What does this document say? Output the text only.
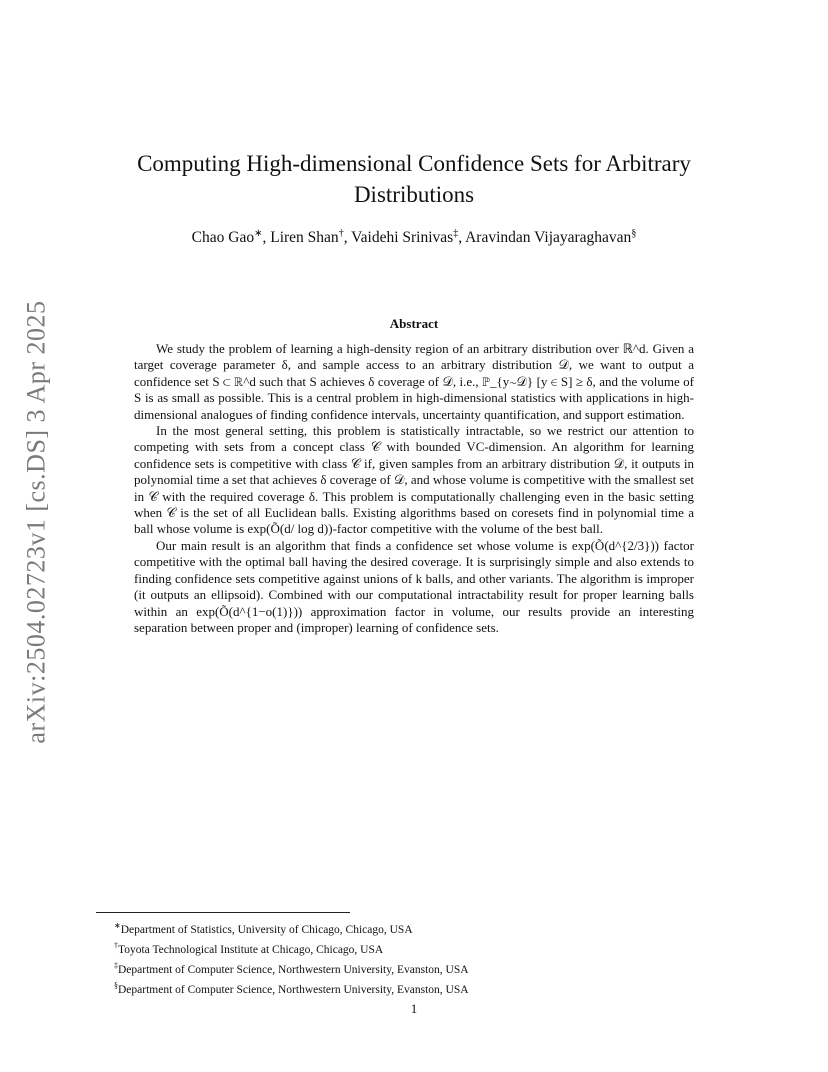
arXiv:2504.02723v1 [cs.DS] 3 Apr 2025
Computing High-dimensional Confidence Sets for Arbitrary Distributions
Chao Gao∗, Liren Shan†, Vaidehi Srinivas‡, Aravindan Vijayaraghavan§
Abstract

We study the problem of learning a high-density region of an arbitrary distribution over ℝ^d. Given a target coverage parameter δ, and sample access to an arbitrary distribution 𝒟, we want to output a confidence set S ⊂ ℝ^d such that S achieves δ coverage of 𝒟, i.e., ℙ_{y∼𝒟} [y ∈ S] ≥ δ, and the volume of S is as small as possible. This is a central problem in high-dimensional statistics with applications in high-dimensional analogues of finding confidence intervals, uncertainty quantification, and support estimation.

In the most general setting, this problem is statistically intractable, so we restrict our attention to competing with sets from a concept class 𝒞 with bounded VC-dimension. An algorithm for learning confidence sets is competitive with class 𝒞 if, given samples from an arbitrary distribution 𝒟, it outputs in polynomial time a set that achieves δ coverage of 𝒟, and whose volume is competitive with the smallest set in 𝒞 with the required coverage δ. This problem is computationally challenging even in the basic setting when 𝒞 is the set of all Euclidean balls. Existing algorithms based on coresets find in polynomial time a ball whose volume is exp(Õ(d/ log d))-factor competitive with the volume of the best ball.

Our main result is an algorithm that finds a confidence set whose volume is exp(Õ(d^{2/3})) factor competitive with the optimal ball having the desired coverage. It is surprisingly simple and also extends to finding confidence sets competitive against unions of k balls, and other variants. The algorithm is improper (it outputs an ellipsoid). Combined with our computational intractability result for proper learning balls within an exp(Õ(d^{1−o(1)})) approximation factor in volume, our results provide an interesting separation between proper and (improper) learning of confidence sets.

∗Department of Statistics, University of Chicago, Chicago, USA
†Toyota Technological Institute at Chicago, Chicago, USA
‡Department of Computer Science, Northwestern University, Evanston, USA
§Department of Computer Science, Northwestern University, Evanston, USA
1
